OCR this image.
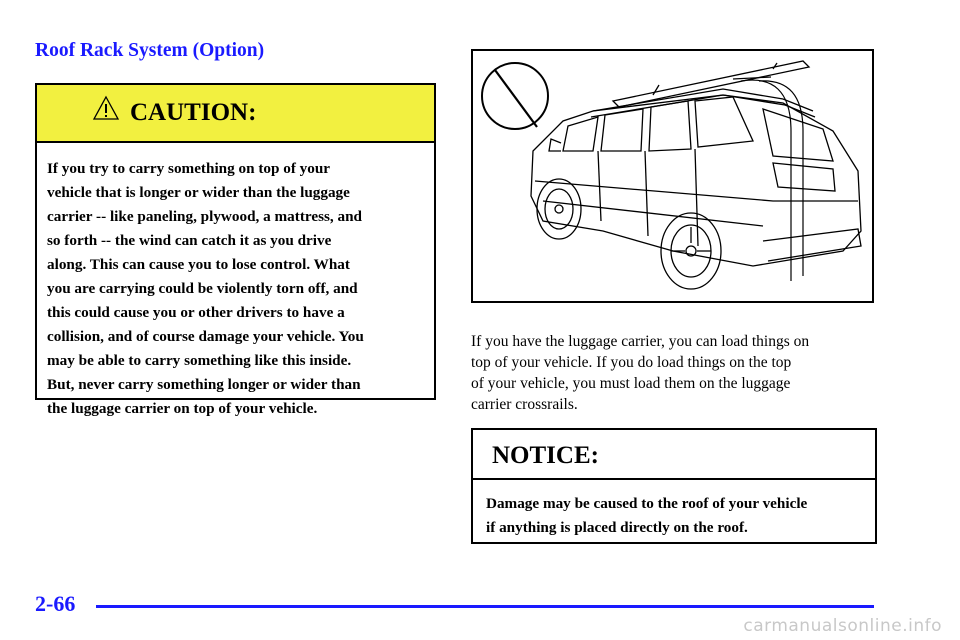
Roof Rack System (Option)
CAUTION:
If you try to carry something on top of your
vehicle that is longer or wider than the luggage
carrier -- like paneling, plywood, a mattress, and
so forth -- the wind can catch it as you drive
along. This can cause you to lose control. What
you are carrying could be violently torn off, and
this could cause you or other drivers to have a
collision, and of course damage your vehicle. You
may be able to carry something like this inside.
But, never carry something longer or wider than
the luggage carrier on top of your vehicle.
If you have the luggage carrier, you can load things on
top of your vehicle. If you do load things on the top
of your vehicle, you must load them on the luggage
carrier crossrails.
NOTICE:
Damage may be caused to the roof of your vehicle
if anything is placed directly on the roof.

2-66

carmanualsonline.info
